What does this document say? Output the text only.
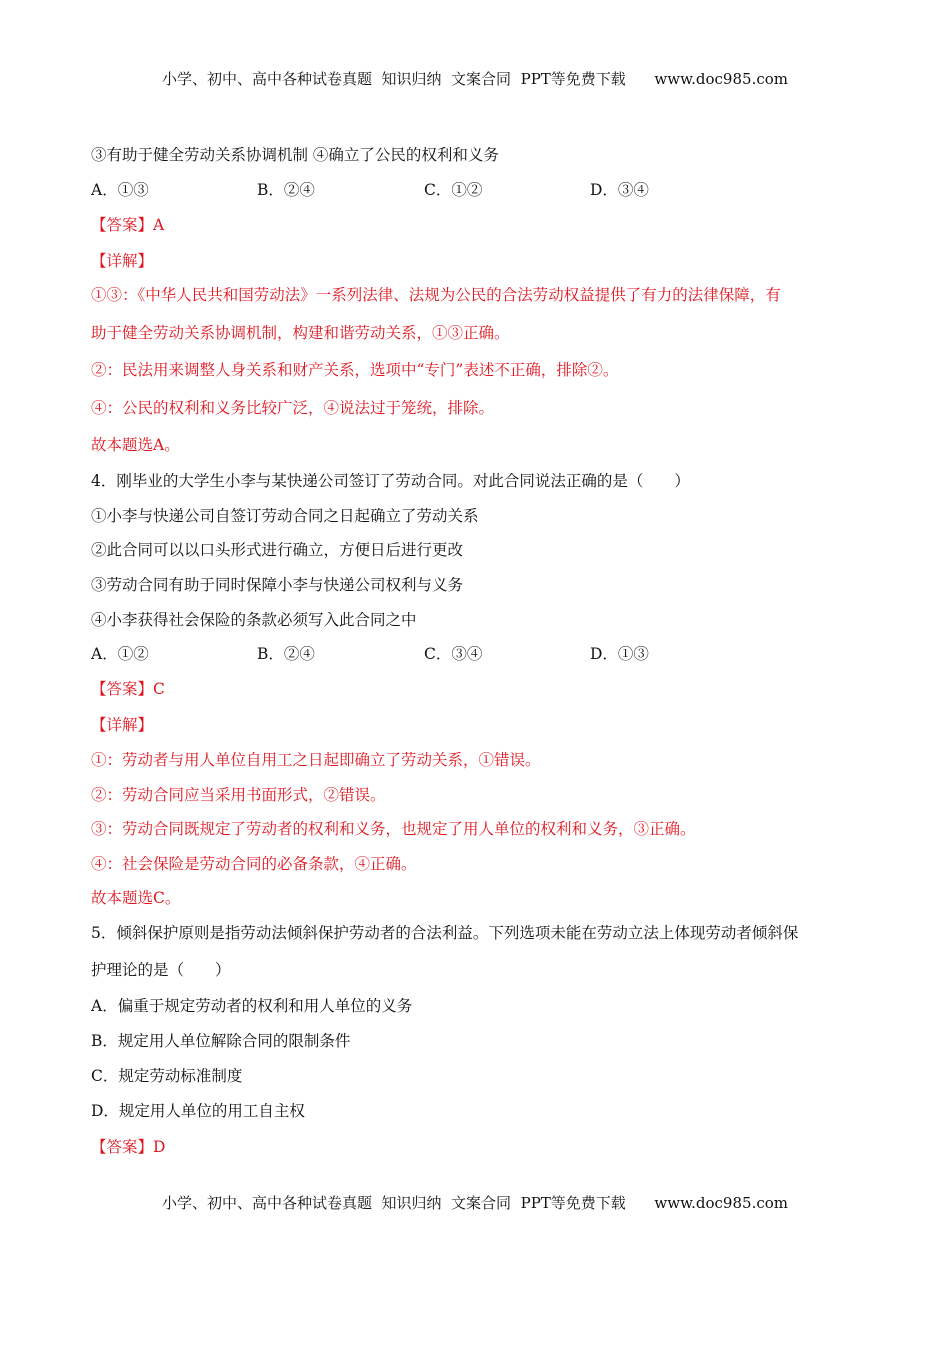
小学、初中、高中各种试卷真题  知识归纳  文案合同  PPT等免费下载      www.doc985.com
③有助于健全劳动关系协调机制 ④确立了公民的权利和义务
A．①③	B．②④	C．①②	D．③④
【答案】A
【详解】
①③：《中华人民共和国劳动法》一系列法律、法规为公民的合法劳动权益提供了有力的法律保障，有
助于健全劳动关系协调机制，构建和谐劳动关系，①③正确。
②：民法用来调整人身关系和财产关系，选项中“专门”表述不正确，排除②。
④：公民的权利和义务比较广泛，④说法过于笼统，排除。
故本题选A。
4．刚毕业的大学生小李与某快递公司签订了劳动合同。对此合同说法正确的是（　　）
①小李与快递公司自签订劳动合同之日起确立了劳动关系
②此合同可以以口头形式进行确立，方便日后进行更改
③劳动合同有助于同时保障小李与快递公司权利与义务
④小李获得社会保险的条款必须写入此合同之中
A．①②	B．②④	C．③④	D．①③
【答案】C
【详解】
①：劳动者与用人单位自用工之日起即确立了劳动关系，①错误。
②：劳动合同应当采用书面形式，②错误。
③：劳动合同既规定了劳动者的权利和义务，也规定了用人单位的权利和义务，③正确。
④：社会保险是劳动合同的必备条款，④正确。
故本题选C。
5．倾斜保护原则是指劳动法倾斜保护劳动者的合法利益。下列选项未能在劳动立法上体现劳动者倾斜保
护理论的是（　　）
A．偏重于规定劳动者的权利和用人单位的义务
B．规定用人单位解除合同的限制条件
C．规定劳动标准制度
D．规定用人单位的用工自主权
【答案】D
小学、初中、高中各种试卷真题  知识归纳  文案合同  PPT等免费下载      www.doc985.com
